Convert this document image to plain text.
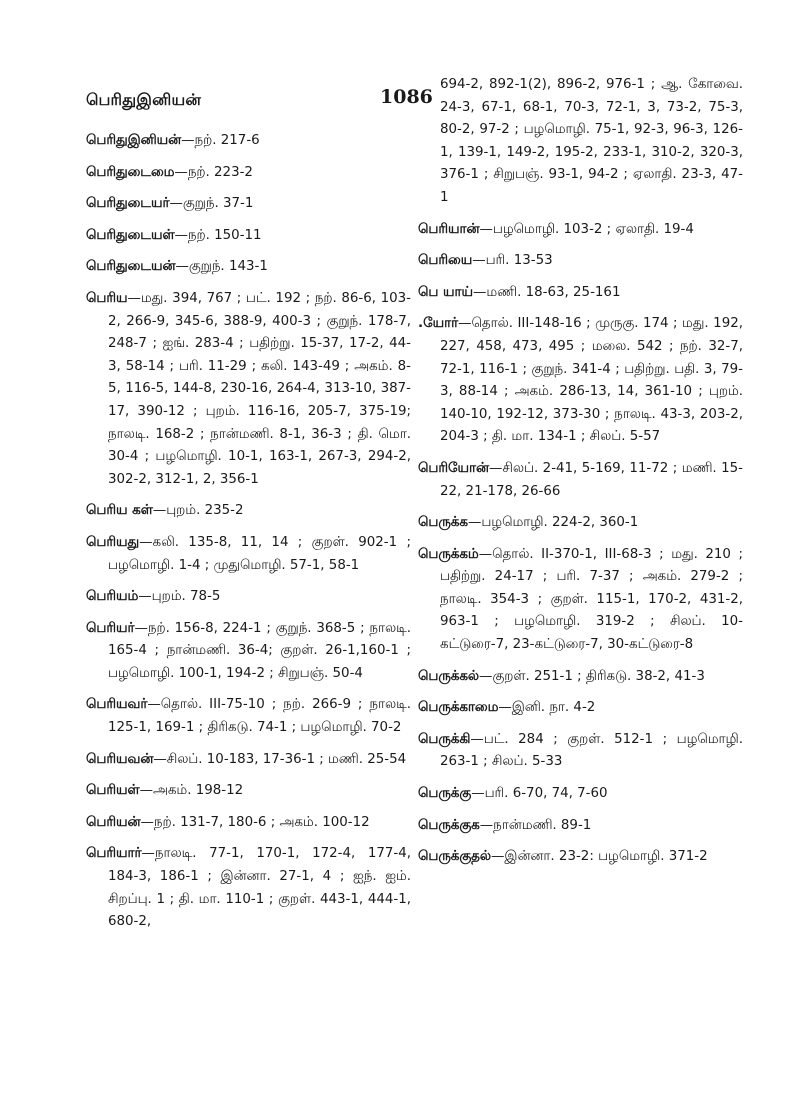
பெரிதுஇனியன்	1086

பெரிதுஇனியன்—நற். 217-6

பெரிதுடைமை—நற். 223-2

பெரிதுடையர்—குறுந். 37-1

பெரிதுடையள்—நற். 150-11

பெரிதுடையன்—குறுந். 143-1

பெரிய—மது. 394, 767 ; பட். 192 ; நற். 86-6, 103-2, 266-9, 345-6, 388-9, 400-3 ; குறுந். 178-7, 248-7 ; ஐங். 283-4 ; பதிற்று. 15-37, 17-2, 44-3, 58-14 ; பரி. 11-29 ; கலி. 143-49 ; அகம். 8-5, 116-5, 144-8, 230-16, 264-4, 313-10, 387-17, 390-12 ; புறம். 116-16, 205-7, 375-19; நாலடி. 168-2 ; நான்மணி. 8-1, 36-3 ; தி. மொ. 30-4 ; பழமொழி. 10-1, 163-1, 267-3, 294-2, 302-2, 312-1, 2, 356-1

பெரிய கள்—புறம். 235-2

பெரியது—கலி. 135-8, 11, 14 ; குறள். 902-1 ; பழமொழி. 1-4 ; முதுமொழி. 57-1, 58-1

பெரியம்—புறம். 78-5

பெரியர்—நற். 156-8, 224-1 ; குறுந். 368-5 ; நாலடி. 165-4 ; நான்மணி. 36-4; குறள். 26-1,160-1 ; பழமொழி. 100-1, 194-2 ; சிறுபஞ். 50-4

பெரியவர்—தொல். III-75-10 ; நற். 266-9 ; நாலடி. 125-1, 169-1 ; திரிகடு. 74-1 ; பழமொழி. 70-2

பெரியவன்—சிலப். 10-183, 17-36-1 ; மணி. 25-54

பெரியள்—அகம். 198-12

பெரியன்—நற். 131-7, 180-6 ; அகம். 100-12

பெரியார்—நாலடி. 77-1, 170-1, 172-4, 177-4, 184-3, 186-1 ; இன்னா. 27-1, 4 ; ஐந். ஐம். சிறப்பு. 1 ; தி. மா. 110-1 ; குறள். 443-1, 444-1, 680-2,

694-2, 892-1(2), 896-2, 976-1 ; ஆ. கோவை. 24-3, 67-1, 68-1, 70-3, 72-1, 3, 73-2, 75-3, 80-2, 97-2 ; பழமொழி. 75-1, 92-3, 96-3, 126-1, 139-1, 149-2, 195-2, 233-1, 310-2, 320-3, 376-1 ; சிறுபஞ். 93-1, 94-2 ; ஏலாதி. 23-3, 47-1

பெரியான்—பழமொழி. 103-2 ; ஏலாதி. 19-4

பெரியை—பரி. 13-53

பெ யாய்—மணி. 18-63, 25-161

.யோர்—தொல். III-148-16 ; முருகு. 174 ; மது. 192, 227, 458, 473, 495 ; மலை. 542 ; நற். 32-7, 72-1, 116-1 ; குறுந். 341-4 ; பதிற்று. பதி. 3, 79-3, 88-14 ; அகம். 286-13, 14, 361-10 ; புறம். 140-10, 192-12, 373-30 ; நாலடி. 43-3, 203-2, 204-3 ; தி. மா. 134-1 ; சிலப். 5-57

பெரியோன்—சிலப். 2-41, 5-169, 11-72 ; மணி. 15-22, 21-178, 26-66

பெருக்க—பழமொழி. 224-2, 360-1

பெருக்கம்—தொல். II-370-1, III-68-3 ; மது. 210 ; பதிற்று. 24-17 ; பரி. 7-37 ; அகம். 279-2 ; நாலடி. 354-3 ; குறள். 115-1, 170-2, 431-2, 963-1 ; பழமொழி. 319-2 ; சிலப். 10-கட்டுரை-7, 23-கட்டுரை-7, 30-கட்டுரை-8

பெருக்கல்—குறள். 251-1 ; திரிகடு. 38-2, 41-3

பெருக்காமை—இனி. நா. 4-2

பெருக்கி—பட். 284 ; குறள். 512-1 ; பழமொழி. 263-1 ; சிலப். 5-33

பெருக்கு—பரி. 6-70, 74, 7-60

பெருக்குக—நான்மணி. 89-1

பெருக்குதல்—இன்னா. 23-2: பழமொழி. 371-2
